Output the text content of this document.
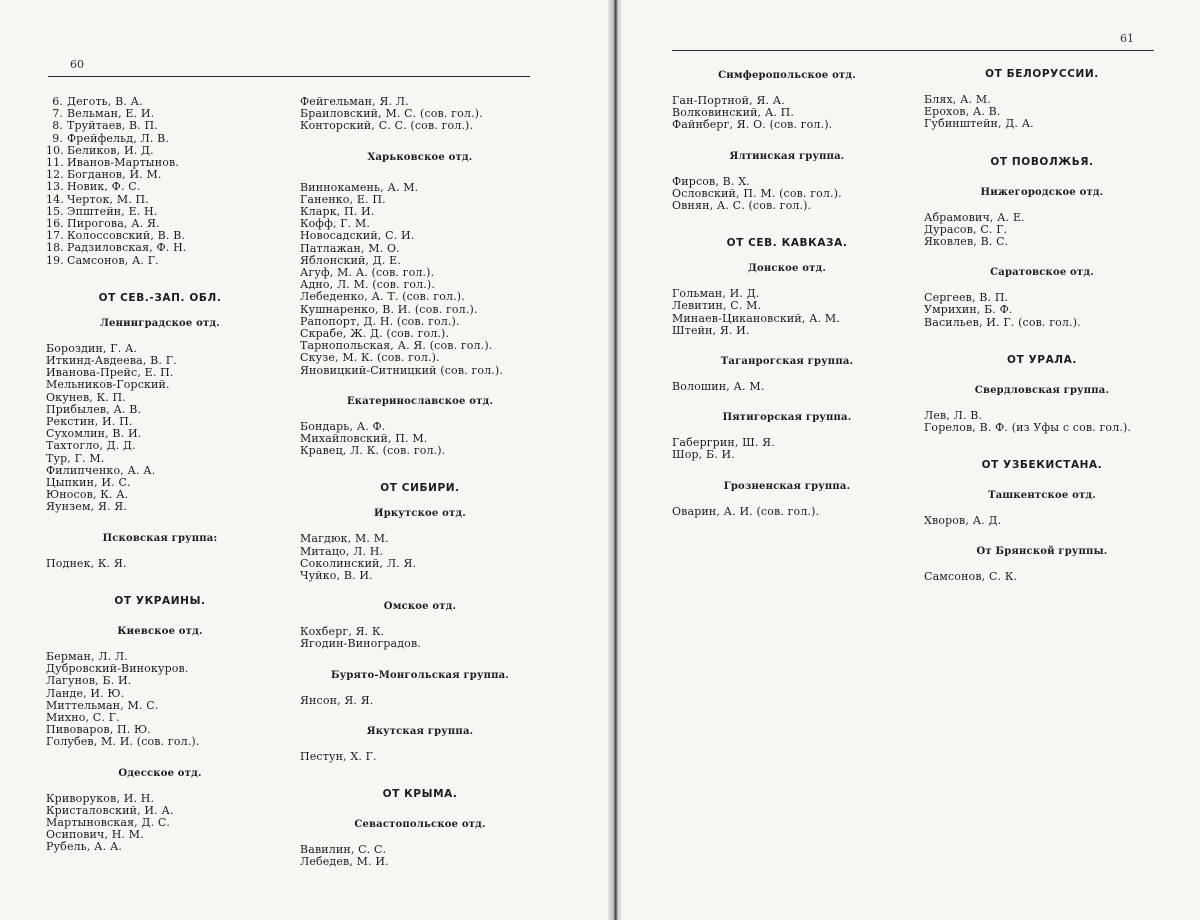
60
6. Деготь, В. А.
7. Вельман, Е. И.
8. Труйтаев, В. П.
9. Фрейфельд, Л. В.
10. Беликов, И. Д.
11. Иванов-Мартынов.
12. Богданов, И. М.
13. Новик, Ф. С.
14. Черток, М. П.
15. Эпштейн, Е. Н.
16. Пирогова, А. Я.
17. Колоссовский, В. В.
18. Радзиловская, Ф. Н.
19. Самсонов, А. Г.
ОТ СЕВ.-ЗАП. ОБЛ.
Ленинградское отд.
Бороздин, Г. А.
Иткинд-Авдеева, В. Г.
Иванова-Прейс, Е. П.
Мельников-Горский.
Окунев, К. П.
Прибылев, А. В.
Рекстин, И. П.
Сухомлин, В. И.
Тахтогло, Д. Д.
Тур, Г. М.
Филипченко, А. А.
Цыпкин, И. С.
Юносов, К. А.
Яунзем, Я. Я.
Псковская группа:
Поднек, К. Я.
ОТ УКРАИНЫ.
Киевское отд.
Берман, Л. Л.
Дубровский-Винокуров.
Лагунов, Б. И.
Ланде, И. Ю.
Миттельман, М. С.
Михно, С. Г.
Пивоваров, П. Ю.
Голубев, М. И. (сов. гол.).
Одесское отд.
Криворуков, И. Н.
Кристаловский, И. А.
Мартыновская, Д. С.
Осипович, Н. М.
Рубель, А. А.
Фейгельман, Я. Л.
Браиловский, М. С. (сов. гол.).
Конторский, С. С. (сов. гол.).
Харьковское отд.
Виннокамень, А. М.
Ганенко, Е. П.
Кларк, П. И.
Кофф, Г. М.
Новосадский, С. И.
Патлажан, М. О.
Яблонский, Д. Е.
Агуф, М. А. (сов. гол.).
Адно, Л. М. (сов. гол.).
Лебеденко, А. Т. (сов. гол.).
Кушнаренко, В. И. (сов. гол.).
Рапопорт, Д. Н. (сов. гол.).
Скрабе, Ж. Д. (сов. гол.).
Тарнопольская, А. Я. (сов. гол.).
Скузе, М. К. (сов. гол.).
Яновицкий-Ситницкий (сов. гол.).
Екатеринославское отд.
Бондарь, А. Ф.
Михайловский, П. М.
Кравец, Л. К. (сов. гол.).
ОТ СИБИРИ.
Иркутское отд.
Магдюк, М. М.
Митацо, Л. Н.
Соколинский, Л. Я.
Чуйко, В. И.
Омское отд.
Кохберг, Я. К.
Ягодин-Виноградов.
Бурято-Монгольская группа.
Янсон, Я. Я.
Якутская группа.
Пестун, Х. Г.
ОТ КРЫМА.
Севастопольское отд.
Вавилин, С. С.
Лебедев, М. И.
61
Симферопольское отд.
Ган-Портной, Я. А.
Волковинский, А. П.
Файнберг, Я. О. (сов. гол.).
Ялтинская группа.
Фирсов, В. Х.
Ословский, П. М. (сов. гол.).
Овнян, А. С. (сов. гол.).
ОТ СЕВ. КАВКАЗА.
Донское отд.
Гольман, И. Д.
Левитин, С. М.
Минаев-Цикановский, А. М.
Штейн, Я. И.
Таганрогская группа.
Волошин, А. М.
Пятигорская группа.
Габергрин, Ш. Я.
Шор, Б. И.
Грозненская группа.
Оварин, А. И. (сов. гол.).
ОТ БЕЛОРУССИИ.
Блях, А. М.
Ерохов, А. В.
Губинштейн, Д. А.
ОТ ПОВОЛЖЬЯ.
Нижегородское отд.
Абрамович, А. Е.
Дурасов, С. Г.
Яковлев, В. С.
Саратовское отд.
Сергеев, В. П.
Умрихин, Б. Ф.
Васильев, И. Г. (сов. гол.).
ОТ УРАЛА.
Свердловская группа.
Лев, Л. В.
Горелов, В. Ф. (из Уфы с сов. гол.).
ОТ УЗБЕКИСТАНА.
Ташкентское отд.
Хворов, А. Д.
От Брянской группы.
Самсонов, С. К.
